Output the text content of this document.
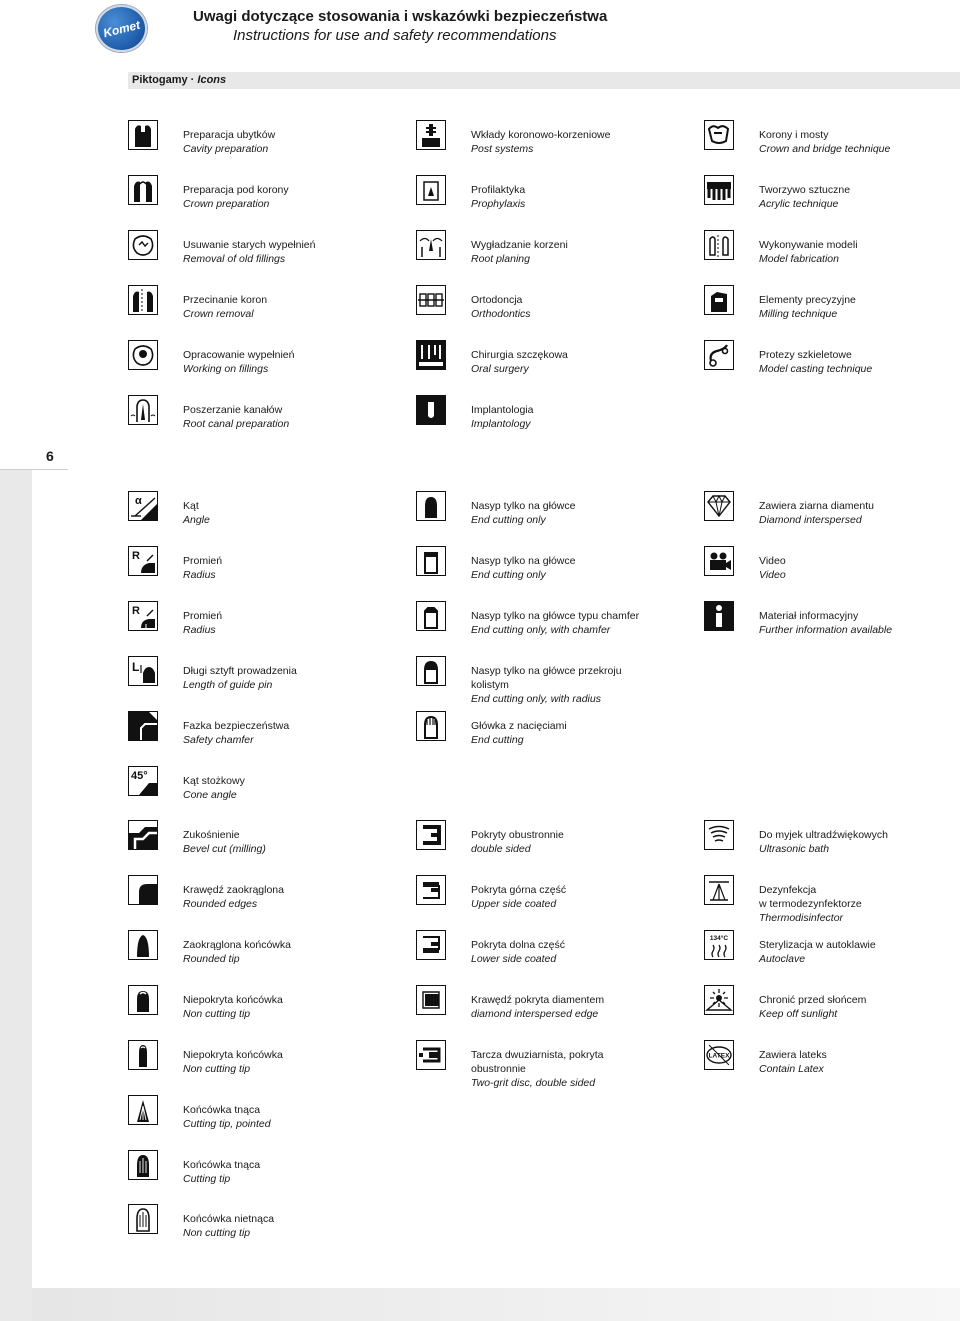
Komet
Uwagi dotyczące stosowania i wskazówki bezpieczeństwa
Instructions for use and safety recommendations
Piktogamy · Icons
6
Preparacja ubytków
Cavity preparation
Wkłady koronowo-korzeniowe
Post systems
Korony i mosty
Crown and bridge technique
Preparacja pod korony
Crown preparation
Profilaktyka
Prophylaxis
Tworzywo sztuczne
Acrylic technique
Usuwanie starych wypełnień
Removal of old fillings
Wygładzanie korzeni
Root planing
Wykonywanie modeli
Model fabrication
Przecinanie koron
Crown removal
Ortodoncja
Orthodontics
Elementy precyzyjne
Milling technique
Opracowanie wypełnień
Working on fillings
Chirurgia szczękowa
Oral surgery
Protezy szkieletowe
Model casting technique
Poszerzanie kanałów
Root canal preparation
Implantologia
Implantology
α	Kąt
Angle
Nasyp tylko na główce
End cutting only
Zawiera ziarna diamentu
Diamond interspersed
R	Promień
Radius
Nasyp tylko na główce
End cutting only
Video
Video
R	Promień
Radius
Nasyp tylko na główce typu chamfer
End cutting only, with chamfer
Materiał informacyjny
Further information available
L	Długi sztyft prowadzenia
Length of guide pin
Nasyp tylko na główce przekroju
kolistym
End cutting only, with radius
Fazka bezpieczeństwa
Safety chamfer
Główka z nacięciami
End cutting
45°	Kąt stożkowy
Cone angle
Zukośnienie
Bevel cut (milling)
Pokryty obustronnie
double sided
Do myjek ultradźwiękowych
Ultrasonic bath
Krawędź zaokrąglona
Rounded edges
Pokryta górna część
Upper side coated
Dezynfekcja
w termodezynfektorze
Thermodisinfector
Zaokrąglona końcówka
Rounded tip
Pokryta dolna część
Lower side coated
134°C
Sterylizacja w autoklawie
Autoclave
Niepokryta końcówka
Non cutting tip
Krawędź pokryta diamentem
diamond interspersed edge
Chronić przed słońcem
Keep off sunlight
Niepokryta końcówka
Non cutting tip
Tarcza dwuziarnista, pokryta
obustronnie
Two-grit disc, double sided
LATEX	Zawiera lateks
Contain Latex
Końcówka tnąca
Cutting tip, pointed
Końcówka tnąca
Cutting tip
Końcówka nietnąca
Non cutting tip
